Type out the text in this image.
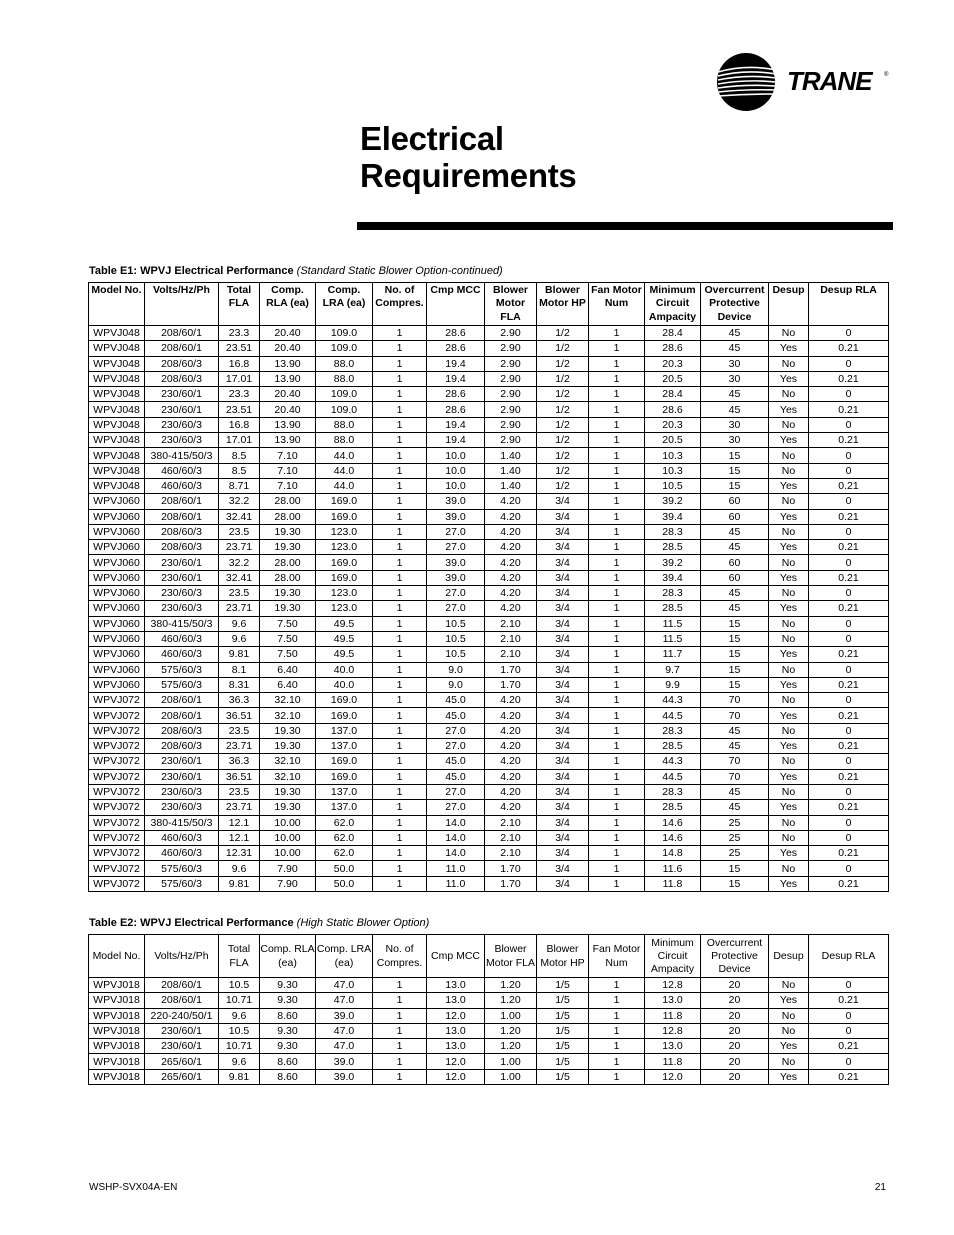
TRANE ®
Electrical Requirements
Table E1: WPVJ Electrical Performance (Standard Static Blower Option-continued)
Model No.	Volts/Hz/Ph	Total FLA	Comp. RLA (ea)	Comp. LRA (ea)	No. of Compres.	Cmp MCC	Blower Motor FLA	Blower Motor HP	Fan Motor Num	Minimum Circuit Ampacity	Overcurrent Protective Device	Desup	Desup RLA
WPVJ048	208/60/1	23.3	20.40	109.0	1	28.6	2.90	1/2	1	28.4	45	No	0
WPVJ048	208/60/1	23.51	20.40	109.0	1	28.6	2.90	1/2	1	28.6	45	Yes	0.21
WPVJ048	208/60/3	16.8	13.90	88.0	1	19.4	2.90	1/2	1	20.3	30	No	0
WPVJ048	208/60/3	17.01	13.90	88.0	1	19.4	2.90	1/2	1	20.5	30	Yes	0.21
WPVJ048	230/60/1	23.3	20.40	109.0	1	28.6	2.90	1/2	1	28.4	45	No	0
WPVJ048	230/60/1	23.51	20.40	109.0	1	28.6	2.90	1/2	1	28.6	45	Yes	0.21
WPVJ048	230/60/3	16.8	13.90	88.0	1	19.4	2.90	1/2	1	20.3	30	No	0
WPVJ048	230/60/3	17.01	13.90	88.0	1	19.4	2.90	1/2	1	20.5	30	Yes	0.21
WPVJ048	380-415/50/3	8.5	7.10	44.0	1	10.0	1.40	1/2	1	10.3	15	No	0
WPVJ048	460/60/3	8.5	7.10	44.0	1	10.0	1.40	1/2	1	10.3	15	No	0
WPVJ048	460/60/3	8.71	7.10	44.0	1	10.0	1.40	1/2	1	10.5	15	Yes	0.21
WPVJ060	208/60/1	32.2	28.00	169.0	1	39.0	4.20	3/4	1	39.2	60	No	0
WPVJ060	208/60/1	32.41	28.00	169.0	1	39.0	4.20	3/4	1	39.4	60	Yes	0.21
WPVJ060	208/60/3	23.5	19.30	123.0	1	27.0	4.20	3/4	1	28.3	45	No	0
WPVJ060	208/60/3	23.71	19.30	123.0	1	27.0	4.20	3/4	1	28.5	45	Yes	0.21
WPVJ060	230/60/1	32.2	28.00	169.0	1	39.0	4.20	3/4	1	39.2	60	No	0
WPVJ060	230/60/1	32.41	28.00	169.0	1	39.0	4.20	3/4	1	39.4	60	Yes	0.21
WPVJ060	230/60/3	23.5	19.30	123.0	1	27.0	4.20	3/4	1	28.3	45	No	0
WPVJ060	230/60/3	23.71	19.30	123.0	1	27.0	4.20	3/4	1	28.5	45	Yes	0.21
WPVJ060	380-415/50/3	9.6	7.50	49.5	1	10.5	2.10	3/4	1	11.5	15	No	0
WPVJ060	460/60/3	9.6	7.50	49.5	1	10.5	2.10	3/4	1	11.5	15	No	0
WPVJ060	460/60/3	9.81	7.50	49.5	1	10.5	2.10	3/4	1	11.7	15	Yes	0.21
WPVJ060	575/60/3	8.1	6.40	40.0	1	9.0	1.70	3/4	1	9.7	15	No	0
WPVJ060	575/60/3	8.31	6.40	40.0	1	9.0	1.70	3/4	1	9.9	15	Yes	0.21
WPVJ072	208/60/1	36.3	32.10	169.0	1	45.0	4.20	3/4	1	44.3	70	No	0
WPVJ072	208/60/1	36.51	32.10	169.0	1	45.0	4.20	3/4	1	44.5	70	Yes	0.21
WPVJ072	208/60/3	23.5	19.30	137.0	1	27.0	4.20	3/4	1	28.3	45	No	0
WPVJ072	208/60/3	23.71	19.30	137.0	1	27.0	4.20	3/4	1	28.5	45	Yes	0.21
WPVJ072	230/60/1	36.3	32.10	169.0	1	45.0	4.20	3/4	1	44.3	70	No	0
WPVJ072	230/60/1	36.51	32.10	169.0	1	45.0	4.20	3/4	1	44.5	70	Yes	0.21
WPVJ072	230/60/3	23.5	19.30	137.0	1	27.0	4.20	3/4	1	28.3	45	No	0
WPVJ072	230/60/3	23.71	19.30	137.0	1	27.0	4.20	3/4	1	28.5	45	Yes	0.21
WPVJ072	380-415/50/3	12.1	10.00	62.0	1	14.0	2.10	3/4	1	14.6	25	No	0
WPVJ072	460/60/3	12.1	10.00	62.0	1	14.0	2.10	3/4	1	14.6	25	No	0
WPVJ072	460/60/3	12.31	10.00	62.0	1	14.0	2.10	3/4	1	14.8	25	Yes	0.21
WPVJ072	575/60/3	9.6	7.90	50.0	1	11.0	1.70	3/4	1	11.6	15	No	0
WPVJ072	575/60/3	9.81	7.90	50.0	1	11.0	1.70	3/4	1	11.8	15	Yes	0.21
Table E2: WPVJ Electrical Performance (High Static Blower Option)
Model No.	Volts/Hz/Ph	Total FLA	Comp. RLA (ea)	Comp. LRA (ea)	No. of Compres.	Cmp MCC	Blower Motor FLA	Blower Motor HP	Fan Motor Num	Minimum Circuit Ampacity	Overcurrent Protective Device	Desup	Desup RLA
WPVJ018	208/60/1	10.5	9.30	47.0	1	13.0	1.20	1/5	1	12.8	20	No	0
WPVJ018	208/60/1	10.71	9.30	47.0	1	13.0	1.20	1/5	1	13.0	20	Yes	0.21
WPVJ018	220-240/50/1	9.6	8.60	39.0	1	12.0	1.00	1/5	1	11.8	20	No	0
WPVJ018	230/60/1	10.5	9.30	47.0	1	13.0	1.20	1/5	1	12.8	20	No	0
WPVJ018	230/60/1	10.71	9.30	47.0	1	13.0	1.20	1/5	1	13.0	20	Yes	0.21
WPVJ018	265/60/1	9.6	8.60	39.0	1	12.0	1.00	1/5	1	11.8	20	No	0
WPVJ018	265/60/1	9.81	8.60	39.0	1	12.0	1.00	1/5	1	12.0	20	Yes	0.21
WSHP-SVX04A-EN	21
